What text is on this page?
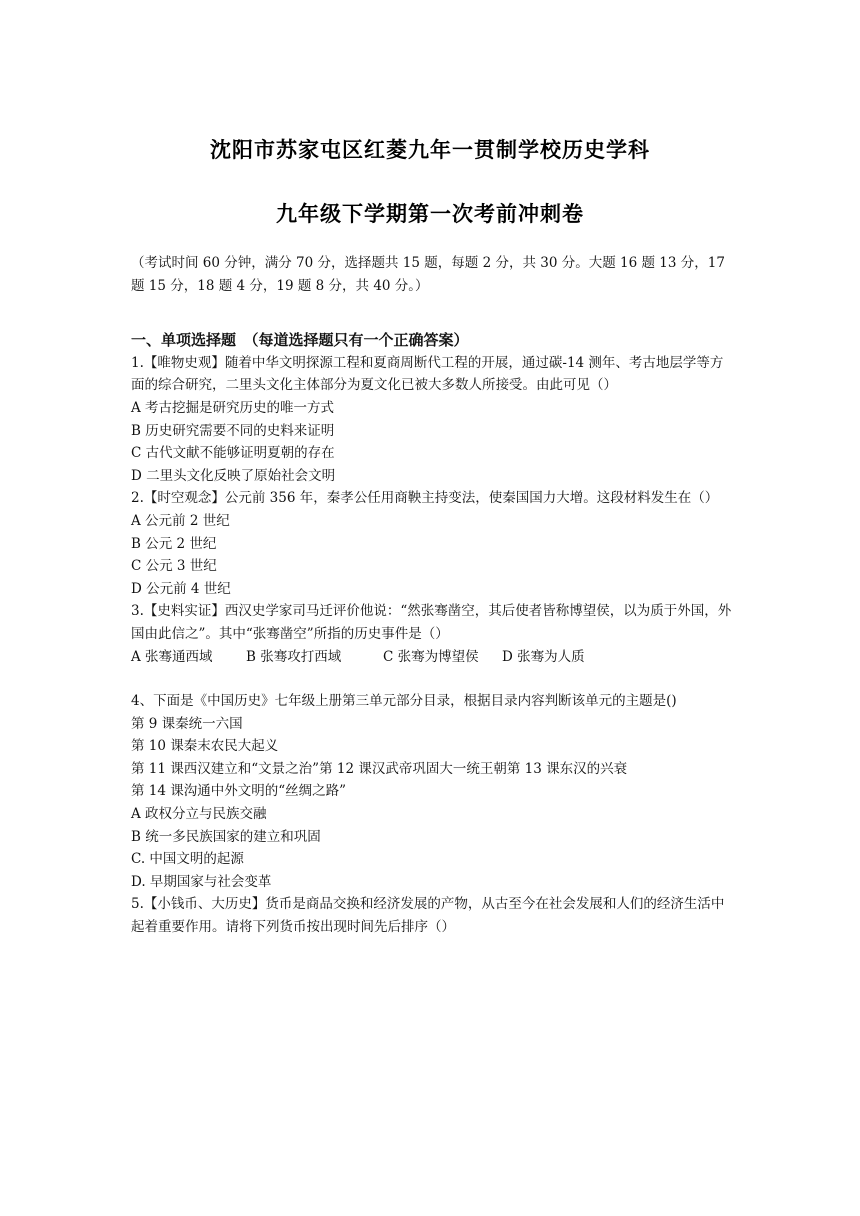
沈阳市苏家屯区红菱九年一贯制学校历史学科
九年级下学期第一次考前冲刺卷
（考试时间 60 分钟，满分 70 分，选择题共 15 题，每题 2 分，共 30 分。大题 16 题 13 分，17 题 15 分，18 题 4 分，19 题 8 分，共 40 分。）
一、单项选择题　（每道选择题只有一个正确答案）
1.【唯物史观】随着中华文明探源工程和夏商周断代工程的开展，通过碳-14 测年、考古地层学等方面的综合研究，二里头文化主体部分为夏文化已被大多数人所接受。由此可见（）
A 考古挖掘是研究历史的唯一方式
B 历史研究需要不同的史料来证明
C 古代文献不能够证明夏朝的存在
D 二里头文化反映了原始社会文明
2.【时空观念】公元前 356 年，秦孝公任用商鞅主持变法，使秦国国力大增。这段材料发生在（）
A 公元前 2 世纪
B 公元 2 世纪
C 公元 3 世纪
D 公元前 4 世纪
3.【史料实证】西汉史学家司马迁评价他说：“然张骞凿空，其后使者皆称博望侯，以为质于外国，外国由此信之”。其中“张骞凿空”所指的历史事件是（）
A 张骞通西域 B 张骞攻打西域	C 张骞为博望侯 D 张骞为人质
4、下面是《中国历史》七年级上册第三单元部分目录，根据目录内容判断该单元的主题是()
第 9 课秦统一六国
第 10 课秦末农民大起义
第 11 课西汉建立和“文景之治”第 12 课汉武帝巩固大一统王朝第 13 课东汉的兴衰
第 14 课沟通中外文明的“丝绸之路”
A 政权分立与民族交融
B 统一多民族国家的建立和巩固
C. 中国文明的起源
D. 早期国家与社会变革
5.【小钱币、大历史】货币是商品交换和经济发展的产物，从古至今在社会发展和人们的经济生活中起着重要作用。请将下列货币按出现时间先后排序（）
